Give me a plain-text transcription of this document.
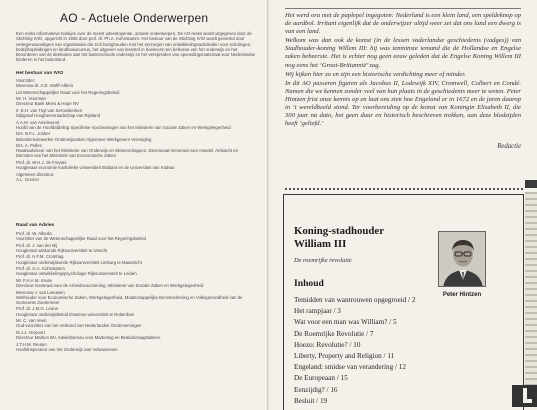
AO - Actuele Onderwerpen
Een reeks informatieve boekjes over de meest uiteenlopende, actuele onderwerpen. De AO-reeks wordt uitgegeven door de Stichting IVIO, opgericht in 1936 door prof. dr. Ph.A. Kohnstamm. Het bestuur van de Stichting IVIO wordt gevormd door vertegenwoordigers van organisaties die zich bezighouden met het verzorgen van ontwikkelingsactiviteiten voor scholingen, bedrijfsopleidingen en landbouwcursus, het uitgeven van leesstof in boekvorm ten behoeve van het onderwijs en het bevorderen van de deelname aan het buitenschools onderwijs en het verspreiden van opvoedingsmateriaal voor Nederlandse kinderen in het buitenland.
Het bestuur van IVIO
Voorzitter:
Mevrouw dr. A.D. Wolff-Albers
Lid Wetenschappelijke Raad voor het Regeringsbeleid
Mr. H. Voorman
Directeur Bank Mees & Hope NV
Ir. E.H. van Tuyl van Serooskerken
Dijkgraaf Hoogheemraadschap van Rijnland
A.A.M. van Amelsvoort
Hoofd van de Hoofdafdeling Specifieke Voorzieningen van het Ministerie van Sociale Zaken en Werkgelegenheid
Drs. B.F.L. Jonker
Beleidsmedewerker Onderwijszaken Algemene Werkgevers Vereniging
Drs. A. Pulles
Raadsadviseur van het Ministerie van Onderwijs en Wetenschappen, Directoraat-Generaal voor Handel, Ambacht en Diensten van het Ministerie van Economische Zaken
Prof. dr. W.H.J. de Freytas
Hoogleraar economie Katholieke Universiteit Brabant en de Universiteit van Krakau
Algemeen directeur:
A.L. Greiner
Raad van Advies
Prof. dr. W. Albeda
Voorzitter van de Wetenschappelijke Raad voor het Regeringsbeleid
Prof. dr. J. van der Bij
Hoogleraar wiskunde Rijksuniversiteit te Utrecht
Prof. dr. H.F.M. Crombag
Hoogleraar onderwijskunde Rijksuniversiteit Limburg te Maastricht
Prof. dr. G.A. Kohnstamm
Hoogleraar ontwikkelingspsychologie Rijksuniversiteit te Leiden
Mr. F.H.A.M. Kruse
Directeur-Generaal voor de Arbeidsvoorziening, Ministerie van Sociale Zaken en Werkgelegenheid
Mevrouw J. van Leeuwen
Wethouder voor Economische Zaken, Werkgelegenheid, Maatschappelijke Dienstverlening en Volksgezondheid van de Gemeente Zoetermeer
Prof. dr. J.M.G. Leune
Hoogleraar onderwijsbeleid Erasmus-universiteit te Rotterdam
Mr. C. van Veen
Oud-voorzitter van het Verbond van Nederlandse Ondernemingen
M.J.J. Verpoort
Directeur Markon BV, Adviesbureau voor Marketing en Beleidsvraagstukken
J.T.H.M. Reuten
Hoofdinspecteur van het Onderwijs aan Volwassenen

Het werd ora met de paplepel ingegoten: Nederland is een klein land, een speldeknop op de aardbol. Irritant eigenlijk dat de onderwijzer altijd weer zei dat ons land een dwerg is van een land.

Welkom was dan ook de komst (in de lessen vaderlandse geschiedenis (vadges)) van Stadhouder-koning Willem III: hij was tenminste iemand die de Hollandse en Engelse zaken beheerste. Het is echter nog geen eeuw geleden dat de Engelse Koning Willem III nog eens het ‘Groot-Brittannië’ zag.

Wij kijken hier zo en zijn een historische verdichting meer of minder.

In dit AO passeren figuren als Jacobus II, Lodewijk XIV, Cromwell, Colbert en Condé. Namen die we kennen zonder veel van hun plaats in de geschiedenis meer te weten. Peter Hintzen frist onze kennis op en laat ons zien hoe Engeland er in 1672 en de jaren daarop in ‘t wereldbeeld stond. Ter voorbereiding op de komst van Koningin Elisabeth II, die 300 jaar na dato, het geen duur en historisch beschreven trekken, aan deze bladzijden heeft ‘geliefd.’

Redactie
Koning-stadhouder
William III
De roemrijke revolutie
Peter Hintzen
Inhoud
Temidden van wantrouwen opgegroeid / 2
Het rampjaar / 3
Wat voor een man was William? / 5
De Roemrijke Revolutie / 7
Hoezo: Revolutie? / 10
Liberty, Property and Religion / 11
Engeland: smidse van verandering / 12
De Europeaan / 15
Eenzijdig? / 16
Besluit / 19
